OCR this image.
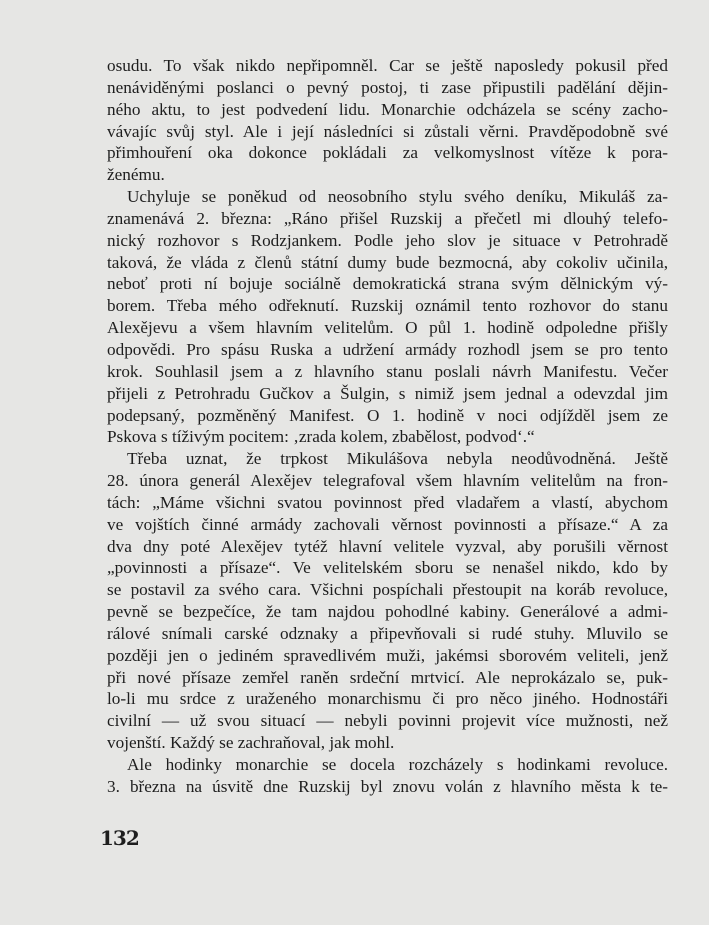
osudu. To však nikdo nepřipomněl. Car se ještě naposledy pokusil před
nenáviděnými poslanci o pevný postoj, ti zase připustili padělání dějin-
ného aktu, to jest podvedení lidu. Monarchie odcházela se scény zacho-
vávajíc svůj styl. Ale i její následníci si zůstali věrni. Pravděpodobně své
přimhouření oka dokonce pokládali za velkomyslnost vítěze k pora-
ženému.
Uchyluje se poněkud od neosobního stylu svého deníku, Mikuláš za-
znamenává 2. března: „Ráno přišel Ruzskij a přečetl mi dlouhý telefo-
nický rozhovor s Rodzjankem. Podle jeho slov je situace v Petrohradě
taková, že vláda z členů státní dumy bude bezmocná, aby cokoliv učinila,
neboť proti ní bojuje sociálně demokratická strana svým dělnickým vý-
borem. Třeba mého odřeknutí. Ruzskij oznámil tento rozhovor do stanu
Alexějevu a všem hlavním velitelům. O půl 1. hodině odpoledne přišly
odpovědi. Pro spásu Ruska a udržení armády rozhodl jsem se pro tento
krok. Souhlasil jsem a z hlavního stanu poslali návrh Manifestu. Večer
přijeli z Petrohradu Gučkov a Šulgin, s nimiž jsem jednal a odevzdal jim
podepsaný, pozměněný Manifest. O 1. hodině v noci odjížděl jsem ze
Pskova s tíživým pocitem: ‚zrada kolem, zbabělost, podvod‘.“
Třeba uznat, že trpkost Mikulášova nebyla neodůvodněná. Ještě
28. února generál Alexějev telegrafoval všem hlavním velitelům na fron-
tách: „Máme všichni svatou povinnost před vladařem a vlastí, abychom
ve vojštích činné armády zachovali věrnost povinnosti a přísaze.“ A za
dva dny poté Alexějev tytéž hlavní velitele vyzval, aby porušili věrnost
„povinnosti a přísaze“. Ve velitelském sboru se nenašel nikdo, kdo by
se postavil za svého cara. Všichni pospíchali přestoupit na koráb revoluce,
pevně se bezpečíce, že tam najdou pohodlné kabiny. Generálové a admi-
rálové snímali carské odznaky a připevňovali si rudé stuhy. Mluvilo se
později jen o jediném spravedlivém muži, jakémsi sborovém veliteli, jenž
při nové přísaze zemřel raněn srdeční mrtvicí. Ale neprokázalo se, puk-
lo-li mu srdce z uraženého monarchismu či pro něco jiného. Hodnostáři
civilní — už svou situací — nebyli povinni projevit více mužnosti, než
vojenští. Každý se zachraňoval, jak mohl.
Ale hodinky monarchie se docela rozcházely s hodinkami revoluce.
3. března na úsvitě dne Ruzskij byl znovu volán z hlavního města k te-
132
